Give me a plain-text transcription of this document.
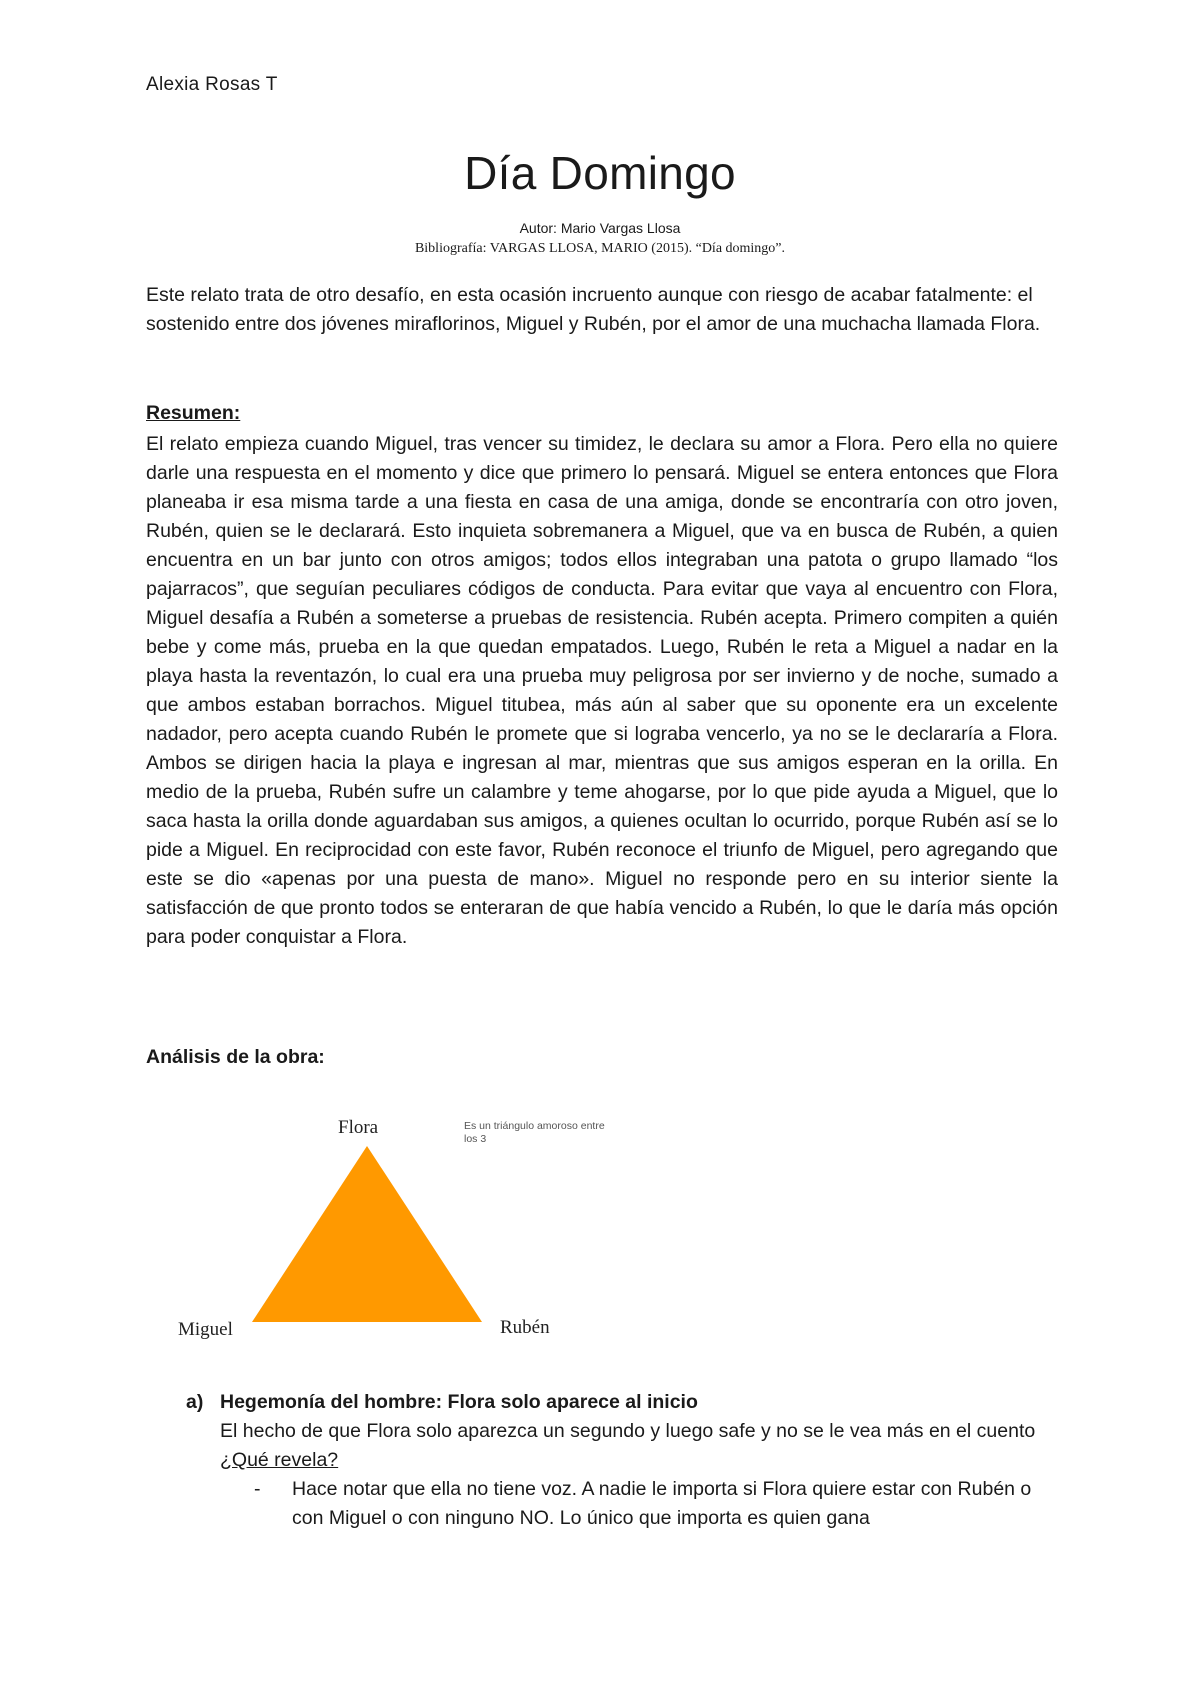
Alexia Rosas T
Día Domingo
Autor: Mario Vargas Llosa
Bibliografía: VARGAS LLOSA, MARIO (2015). “Día domingo”.

Este relato trata de otro desafío, en esta ocasión incruento aunque con riesgo de acabar fatalmente: el sostenido entre dos jóvenes miraflorinos, Miguel y Rubén, por el amor de una muchacha llamada Flora.

Resumen:

El relato empieza cuando Miguel, tras vencer su timidez, le declara su amor a Flora. Pero ella no quiere darle una respuesta en el momento y dice que primero lo pensará. Miguel se entera entonces que Flora planeaba ir esa misma tarde a una fiesta en casa de una amiga, donde se encontraría con otro joven, Rubén, quien se le declarará. Esto inquieta sobremanera a Miguel, que va en busca de Rubén, a quien encuentra en un bar junto con otros amigos; todos ellos integraban una patota o grupo llamado “los pajarracos”, que seguían peculiares códigos de conducta. Para evitar que vaya al encuentro con Flora, Miguel desafía a Rubén a someterse a pruebas de resistencia. Rubén acepta. Primero compiten a quién bebe y come más, prueba en la que quedan empatados. Luego, Rubén le reta a Miguel a nadar en la playa hasta la reventazón, lo cual era una prueba muy peligrosa por ser invierno y de noche, sumado a que ambos estaban borrachos. Miguel titubea, más aún al saber que su oponente era un excelente nadador, pero acepta cuando Rubén le promete que si lograba vencerlo, ya no se le declararía a Flora. Ambos se dirigen hacia la playa e ingresan al mar, mientras que sus amigos esperan en la orilla. En medio de la prueba, Rubén sufre un calambre y teme ahogarse, por lo que pide ayuda a Miguel, que lo saca hasta la orilla donde aguardaban sus amigos, a quienes ocultan lo ocurrido, porque Rubén así se lo pide a Miguel. En reciprocidad con este favor, Rubén reconoce el triunfo de Miguel, pero agregando que este se dio «apenas por una puesta de mano». Miguel no responde pero en su interior siente la satisfacción de que pronto todos se enteraran de que había vencido a Rubén, lo que le daría más opción para poder conquistar a Flora.

Análisis de la obra:
Flora
Miguel	Rubén
Es un triángulo amoroso entre
los 3
a) Hegemonía del hombre: Flora solo aparece al inicio

El hecho de que Flora solo aparezca un segundo y luego safe y no se le vea más en el cuento ¿Qué revela?

- Hace notar que ella no tiene voz. A nadie le importa si Flora quiere estar con Rubén o con Miguel o con ninguno NO. Lo único que importa es quien gana
